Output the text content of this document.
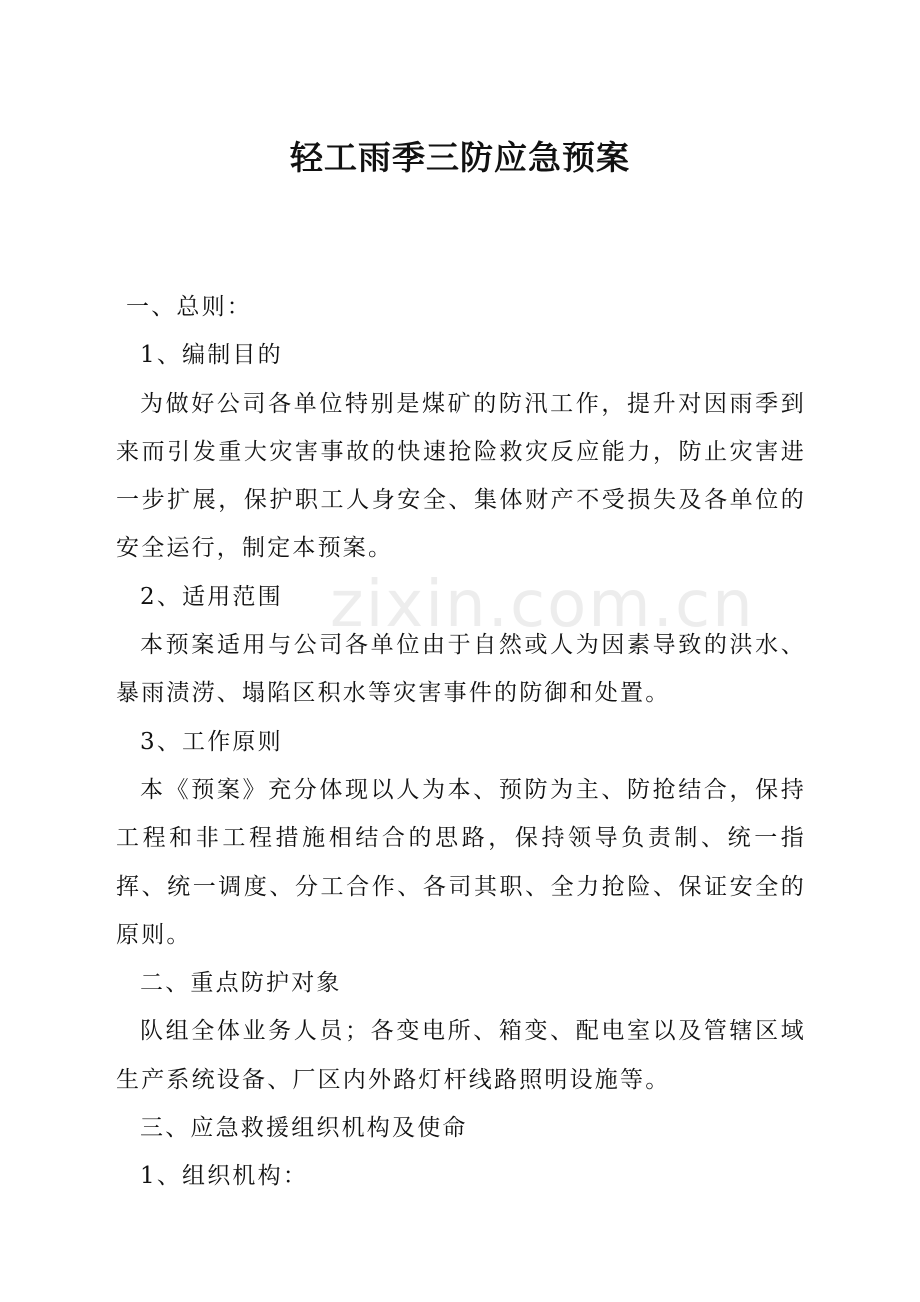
轻工雨季三防应急预案
zixin.com.cn

一、总则：

1、编制目的

为做好公司各单位特别是煤矿的防汛工作，提升对因雨季到来而引发重大灾害事故的快速抢险救灾反应能力，防止灾害进一步扩展，保护职工人身安全、集体财产不受损失及各单位的安全运行，制定本预案。

2、适用范围

本预案适用与公司各单位由于自然或人为因素导致的洪水、暴雨渍涝、塌陷区积水等灾害事件的防御和处置。

3、工作原则

本《预案》充分体现以人为本、预防为主、防抢结合，保持工程和非工程措施相结合的思路，保持领导负责制、统一指挥、统一调度、分工合作、各司其职、全力抢险、保证安全的原则。

二、重点防护对象

队组全体业务人员；各变电所、箱变、配电室以及管辖区域生产系统设备、厂区内外路灯杆线路照明设施等。

三、应急救援组织机构及使命

1、组织机构：
